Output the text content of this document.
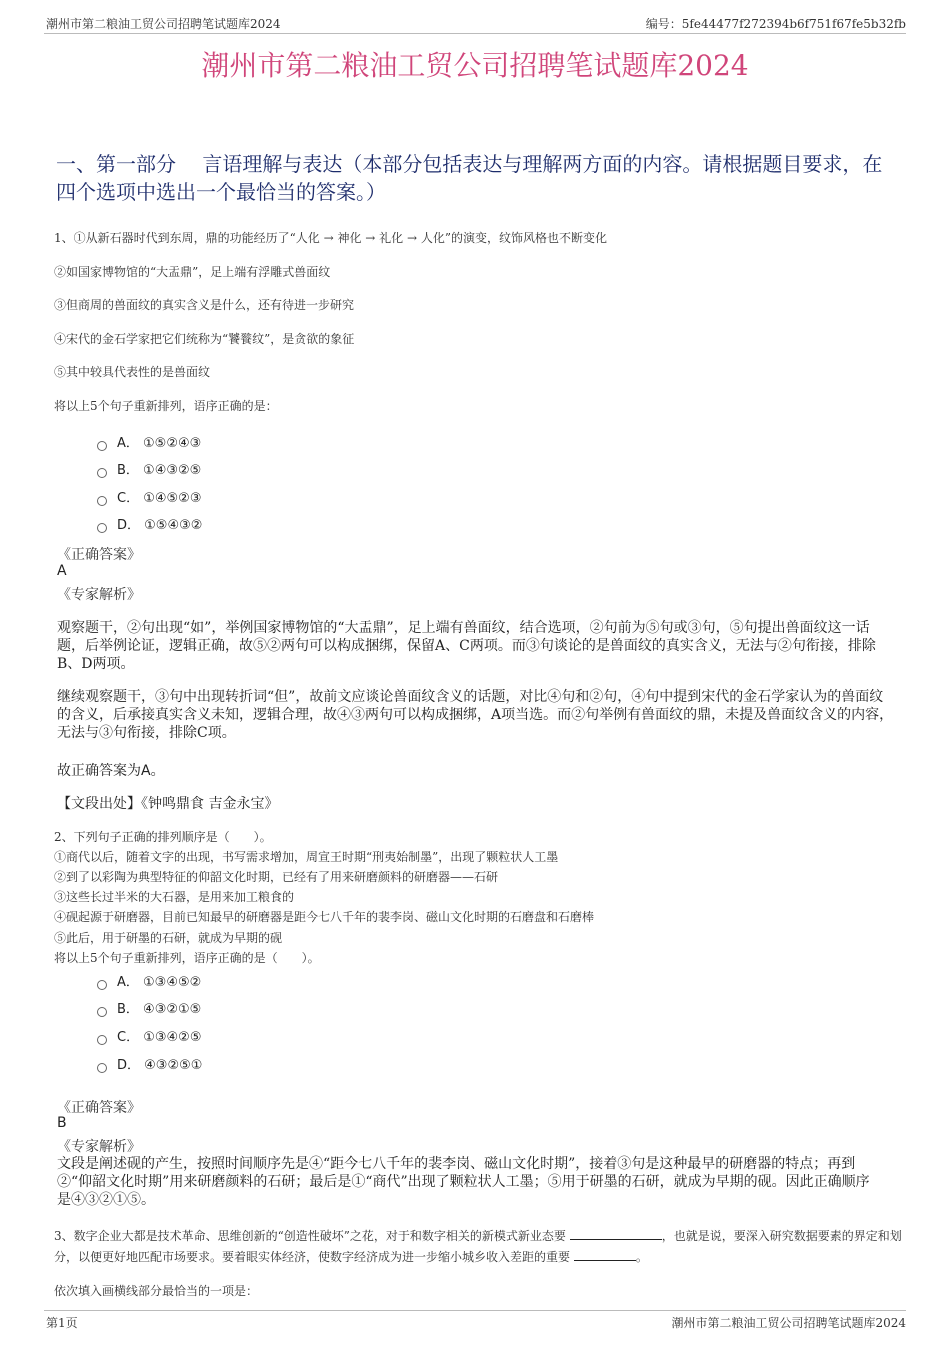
潮州市第二粮油工贸公司招聘笔试题库2024	编号：5fe44477f272394b6f751f67fe5b32fb
潮州市第二粮油工贸公司招聘笔试题库2024
一、第一部分　 言语理解与表达（本部分包括表达与理解两方面的内容。请根据题目要求，在四个选项中选出一个最恰当的答案。）
1、①从新石器时代到东周，鼎的功能经历了“人化 → 神化 → 礼化 → 人化”的演变，纹饰风格也不断变化
②如国家博物馆的“大盂鼎”，足上端有浮雕式兽面纹
③但商周的兽面纹的真实含义是什么，还有待进一步研究
④宋代的金石学家把它们统称为“饕餮纹”，是贪欲的象征
⑤其中较具代表性的是兽面纹
将以上5个句子重新排列，语序正确的是：
A． ①⑤②④③
B． ①④③②⑤
C． ①④⑤②③
D． ①⑤④③②
《正确答案》
A
《专家解析》
观察题干，②句出现“如”，举例国家博物馆的“大盂鼎”，足上端有兽面纹，结合选项，②句前为⑤句或③句，⑤句提出兽面纹这一话题，后举例论证，逻辑正确，故⑤②两句可以构成捆绑，保留A、C两项。而③句谈论的是兽面纹的真实含义，无法与②句衔接，排除B、D两项。
继续观察题干，③句中出现转折词“但”，故前文应谈论兽面纹含义的话题，对比④句和②句，④句中提到宋代的金石学家认为的兽面纹的含义，后承接真实含义未知，逻辑合理，故④③两句可以构成捆绑，A项当选。而②句举例有兽面纹的鼎，未提及兽面纹含义的内容，无法与③句衔接，排除C项。
故正确答案为A。
【文段出处】《钟鸣鼎食 吉金永宝》
2、下列句子正确的排列顺序是（　　）。
①商代以后，随着文字的出现，书写需求增加，周宣王时期“刑夷始制墨”，出现了颗粒状人工墨
②到了以彩陶为典型特征的仰韶文化时期，已经有了用来研磨颜料的研磨器——石研
③这些长过半米的大石器，是用来加工粮食的
④砚起源于研磨器，目前已知最早的研磨器是距今七八千年的裴李岗、磁山文化时期的石磨盘和石磨棒
⑤此后，用于研墨的石研，就成为早期的砚
将以上5个句子重新排列，语序正确的是（　　）。
A． ①③④⑤②
B． ④③②①⑤
C． ①③④②⑤
D． ④③②⑤①
《正确答案》
B
《专家解析》
文段是阐述砚的产生，按照时间顺序先是④“距今七八千年的裴李岗、磁山文化时期”，接着③句是这种最早的研磨器的特点；再到②“仰韶文化时期”用来研磨颜料的石研；最后是①“商代”出现了颗粒状人工墨；⑤用于研墨的石研，就成为早期的砚。因此正确顺序是④③②①⑤。
3、数字企业大都是技术革命、思维创新的“创造性破坏”之花，对于和数字相关的新模式新业态要	，也就是说，要深入研究数据要素的界定和划分，以便更好地匹配市场要求。要着眼实体经济，使数字经济成为进一步缩小城乡收入差距的重要	。
依次填入画横线部分最恰当的一项是：
第1页	潮州市第二粮油工贸公司招聘笔试题库2024
